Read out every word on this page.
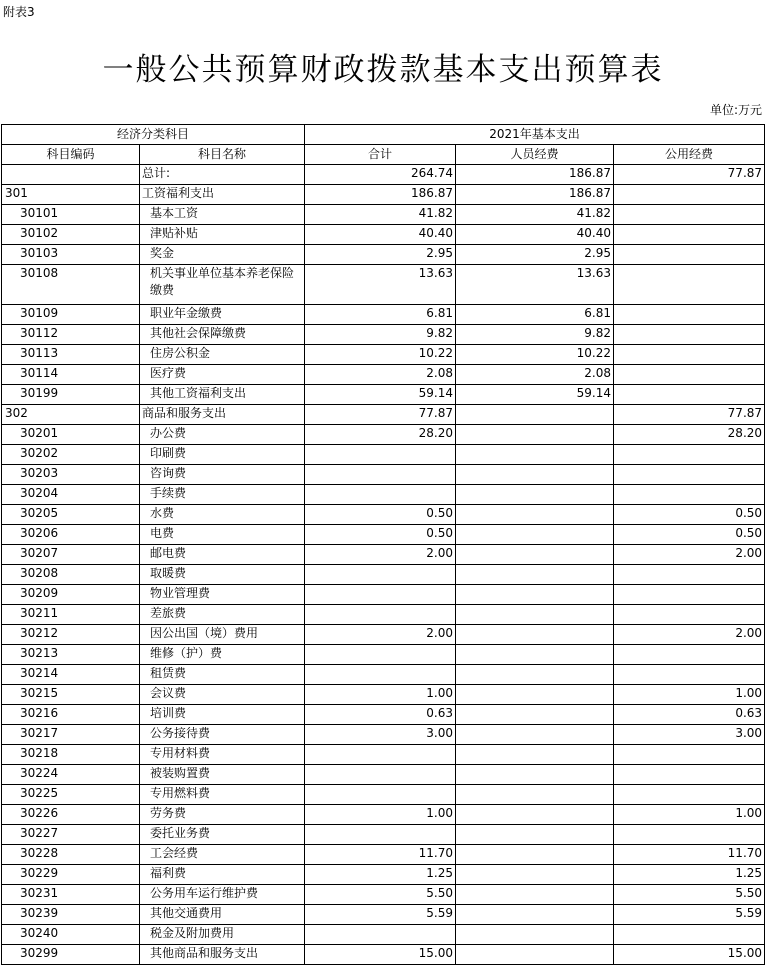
附表3
一般公共预算财政拨款基本支出预算表
单位:万元
经济分类科目		2021年基本支出		
科目编码	科目名称	合计	人员经费	公用经费
	总计:	264.74	186.87	77.87
301	工资福利支出	186.87	186.87	
30101	基本工资	41.82	41.82	
30102	津贴补贴	40.40	40.40	
30103	奖金	2.95	2.95	
30108	机关事业单位基本养老保险缴费	13.63	13.63	
30109	职业年金缴费	6.81	6.81	
30112	其他社会保障缴费	9.82	9.82	
30113	住房公积金	10.22	10.22	
30114	医疗费	2.08	2.08	
30199	其他工资福利支出	59.14	59.14	
302	商品和服务支出	77.87		77.87
30201	办公费	28.20		28.20
30202	印刷费			
30203	咨询费			
30204	手续费			
30205	水费	0.50		0.50
30206	电费	0.50		0.50
30207	邮电费	2.00		2.00
30208	取暖费			
30209	物业管理费			
30211	差旅费			
30212	因公出国（境）费用	2.00		2.00
30213	维修（护）费			
30214	租赁费			
30215	会议费	1.00		1.00
30216	培训费	0.63		0.63
30217	公务接待费	3.00		3.00
30218	专用材料费			
30224	被装购置费			
30225	专用燃料费			
30226	劳务费	1.00		1.00
30227	委托业务费			
30228	工会经费	11.70		11.70
30229	福利费	1.25		1.25
30231	公务用车运行维护费	5.50		5.50
30239	其他交通费用	5.59		5.59
30240	税金及附加费用			
30299	其他商品和服务支出	15.00		15.00
